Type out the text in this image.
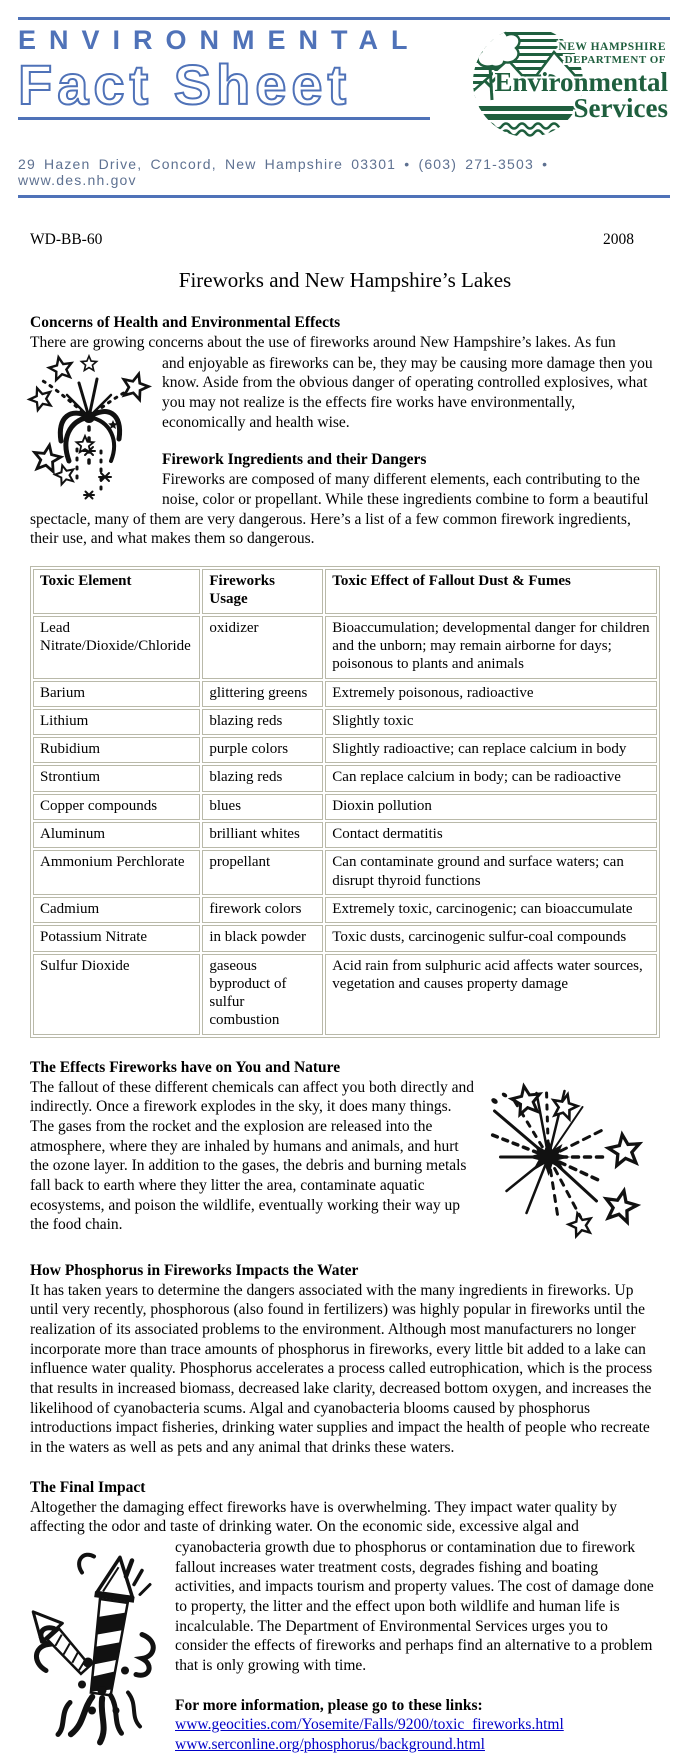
ENVIRONMENTAL
Fact Sheet
NEW HAMPSHIRE
DEPARTMENT OF
Environmental
Services
29 Hazen Drive, Concord, New Hampshire 03301 • (603) 271-3503 • www.des.nh.gov
WD-BB-60	2008
Fireworks and New Hampshire’s Lakes
Concerns of Health and Environmental Effects

There are growing concerns about the use of fireworks around New Hampshire’s lakes. As fun

and enjoyable as fireworks can be, they may be causing more damage then you know. Aside from the obvious danger of operating controlled explosives, what you may not realize is the effects fire works have environmentally, economically and health wise.

Firework Ingredients and their Dangers

Fireworks are composed of many different elements, each contributing to the noise, color or propellant. While these ingredients combine to form a beautiful spectacle, many of them are very dangerous. Here’s a list of a few common firework ingredients, their use, and what makes them so dangerous.

Toxic Element	Fireworks Usage	Toxic Effect of Fallout Dust & Fumes
Lead Nitrate/Dioxide/Chloride	oxidizer	Bioaccumulation; developmental danger for children and the unborn; may remain airborne for days; poisonous to plants and animals
Barium	glittering greens	Extremely poisonous, radioactive
Lithium	blazing reds	Slightly toxic
Rubidium	purple colors	Slightly radioactive; can replace calcium in body
Strontium	blazing reds	Can replace calcium in body; can be radioactive
Copper compounds	blues	Dioxin pollution
Aluminum	brilliant whites	Contact dermatitis
Ammonium Perchlorate	propellant	Can contaminate ground and surface waters; can disrupt thyroid functions
Cadmium	firework colors	Extremely toxic, carcinogenic; can bioaccumulate
Potassium Nitrate	in black powder	Toxic dusts, carcinogenic sulfur-coal compounds
Sulfur Dioxide	gaseous byproduct of sulfur combustion	Acid rain from sulphuric acid affects water sources, vegetation and causes property damage
The Effects Fireworks have on You and Nature

The fallout of these different chemicals can affect you both directly and indirectly. Once a firework explodes in the sky, it does many things. The gases from the rocket and the explosion are released into the atmosphere, where they are inhaled by humans and animals, and hurt the ozone layer. In addition to the gases, the debris and burning metals fall back to earth where they litter the area, contaminate aquatic ecosystems, and poison the wildlife, eventually working their way up the food chain.

How Phosphorus in Fireworks Impacts the Water

It has taken years to determine the dangers associated with the many ingredients in fireworks. Up until very recently, phosphorous (also found in fertilizers) was highly popular in fireworks until the realization of its associated problems to the environment. Although most manufacturers no longer incorporate more than trace amounts of phosphorus in fireworks, every little bit added to a lake can influence water quality. Phosphorus accelerates a process called eutrophication, which is the process that results in increased biomass, decreased lake clarity, decreased bottom oxygen, and increases the likelihood of cyanobacteria scums. Algal and cyanobacteria blooms caused by phosphorus introductions impact fisheries, drinking water supplies and impact the health of people who recreate in the waters as well as pets and any animal that drinks these waters.

The Final Impact

Altogether the damaging effect fireworks have is overwhelming. They impact water quality by affecting the odor and taste of drinking water. On the economic side, excessive algal and

cyanobacteria growth due to phosphorus or contamination due to firework fallout increases water treatment costs, degrades fishing and boating activities, and impacts tourism and property values. The cost of damage done to property, the litter and the effect upon both wildlife and human life is incalculable. The Department of Environmental Services urges you to consider the effects of fireworks and perhaps find an alternative to a problem that is only growing with time.

For more information, please go to these links:

www.geocities.com/Yosemite/Falls/9200/toxic_fireworks.html
www.serconline.org/phosphorus/background.html
